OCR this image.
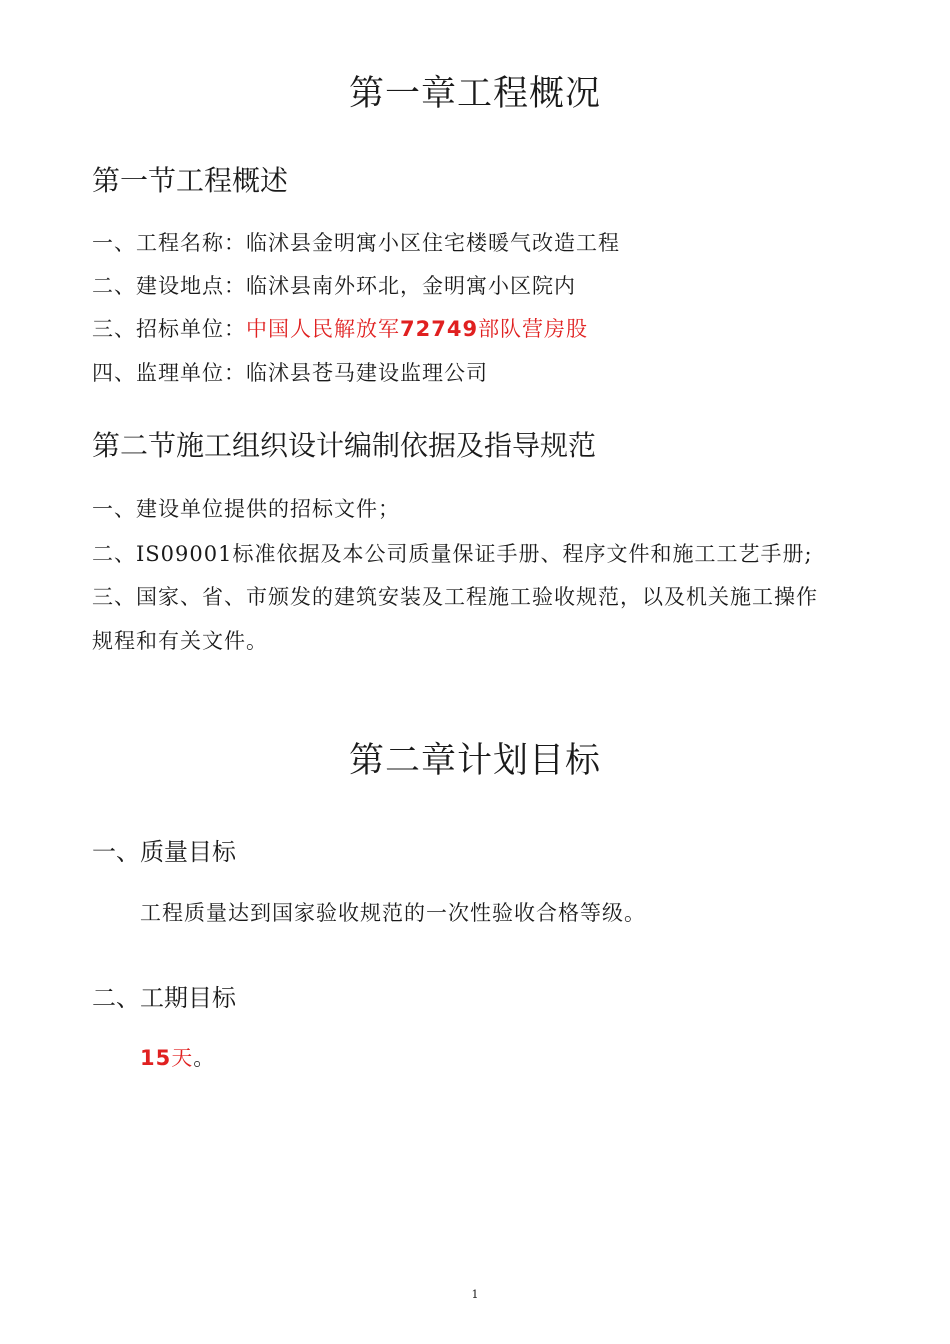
第一章工程概况
第一节工程概述
一、工程名称：临沭县金明寓小区住宅楼暖气改造工程
二、建设地点：临沭县南外环北，金明寓小区院内
三、招标单位：中国人民解放军72749部队营房股
四、监理单位：临沭县苍马建设监理公司
第二节施工组织设计编制依据及指导规范
一、建设单位提供的招标文件；
二、IS09001标准依据及本公司质量保证手册、程序文件和施工工艺手册;
三、国家、省、市颁发的建筑安装及工程施工验收规范，以及机关施工操作
规程和有关文件。
第二章计划目标
一、质量目标
工程质量达到国家验收规范的一次性验收合格等级。
二、工期目标
15天。
1
